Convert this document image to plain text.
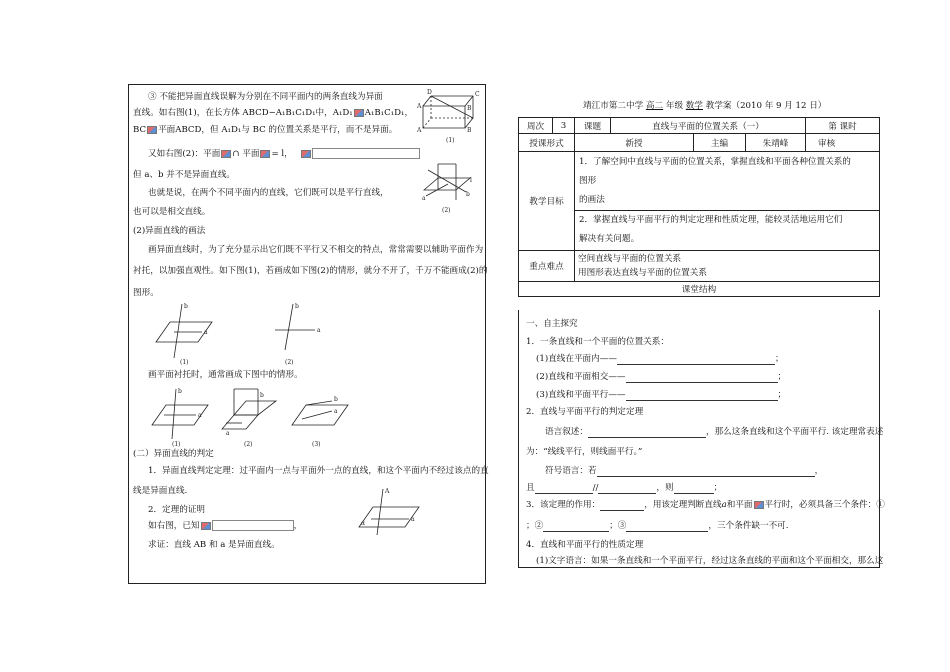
③ 不能把异面直线误解为分别在不同平面内的两条直线为异面
直线。如右图(1)，在长方体 ABCD−A₁B₁C₁D₁中，A₁D₁ A₁B₁C₁D₁，
BC 平面ABCD，但 A₁D₁与 BC 的位置关系是平行，而不是异面。
又如右图(2)：平面 ∩ 平面 = l，
但 a、b 并不是异面直线。
也就是说，在两个不同平面内的直线，它们既可以是平行直线，
也可以是相交直线。
(2)异面直线的画法
画异面直线时，为了充分显示出它们既不平行又不相交的特点，常常需要以辅助平面作为
衬托，以加强直观性。如下图(1)，若画成如下图(2)的情形，就分不开了，千万不能画成(2)的
图形。
画平面衬托时，通常画成下图中的情形。
(二）异面直线的判定
1．异面直线判定定理：过平面内一点与平面外一点的直线，和这个平面内不经过该点的直
线是异面直线.
2．定理的证明
如右图，已知	，
求证：直线 AB 和 a 是异面直线。
A	B
D	C
A	B
(1)
l
a
b
(2)
b
a
(1)
b
a
(2)
b
a
(1)
a
b
(2)
a
b
(3)
A
a
α
靖江市第二中学 高二 年级 数学 教学案（2010 年 9 月 12 日）
周次	3	课题	直线与平面的位置关系（一）			第 课时
授课形式		新授		主编	朱靖峰	审核
教学目标		1．了解空间中直线与平面的位置关系，掌握直线和平面各种位置关系的
图形
的画法
2．掌握直线与平面平行的判定定理和性质定理，能较灵活地运用它们
解决有关问题。				

重点难点		空间直线与平面的位置关系
用图形表达直线与平面的位置关系				

课堂结构						
一、自主探究
1．一条直线和一个平面的位置关系：
(1)直线在平面内——	；
(2)直线和平面相交——	；
(3)直线和平面平行——	；
2．直线与平面平行的判定定理
语言叙述：	，那么这条直线和这个平面平行. 该定理常表述
为：“线线平行，则线面平行。”
符号语言：若	，
且	//	，则	；
3．该定理的作用：	，用该定理判断直线a和平面 平行时，必须具备三个条件：①
；②	；③	，三个条件缺一不可.
4．直线和平面平行的性质定理
(1)文字语言：如果一条直线和一个平面平行，经过这条直线的平面和这个平面相交，那么这
